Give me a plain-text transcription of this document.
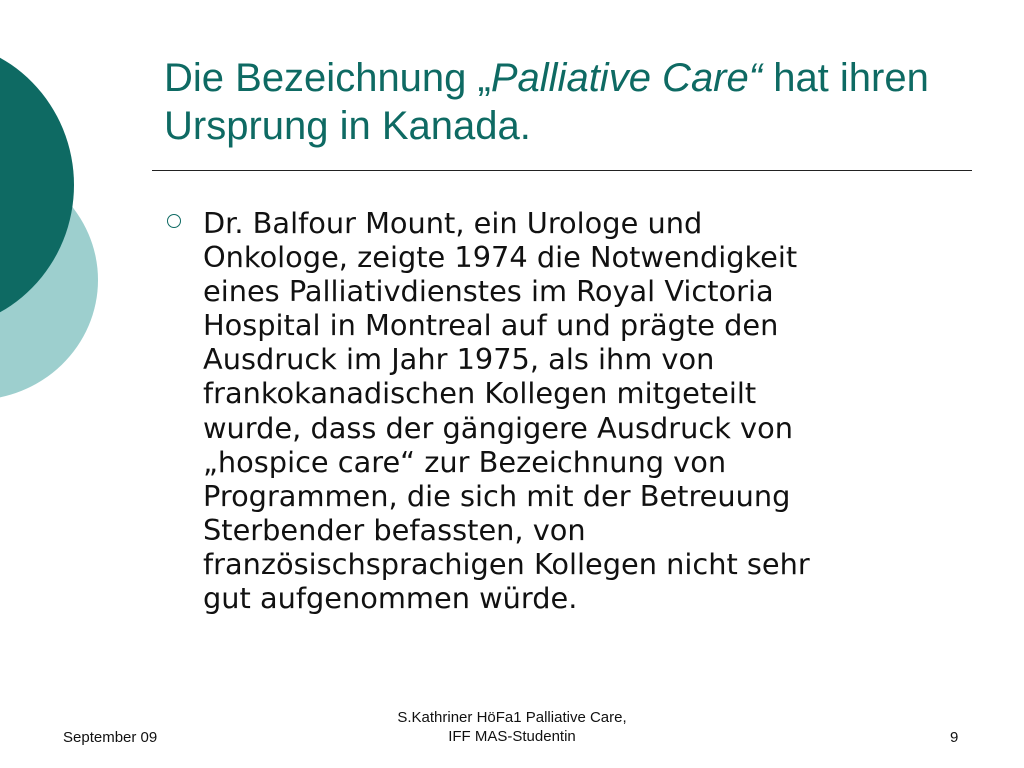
Die Bezeichnung „Palliative Care“ hat ihren Ursprung in Kanada.

Dr. Balfour Mount, ein Urologe und
Onkologe, zeigte 1974 die Notwendigkeit
eines Palliativdienstes im Royal Victoria
Hospital in Montreal auf und prägte den
Ausdruck im Jahr 1975, als ihm von
frankokanadischen Kollegen mitgeteilt
wurde, dass der gängigere Ausdruck von
„hospice care“ zur Bezeichnung von
Programmen, die sich mit der Betreuung
Sterbender befassten, von
französischsprachigen Kollegen nicht sehr
gut aufgenommen würde.

September 09
S.Kathriner HöFa1 Palliative Care,
IFF MAS-Studentin	9
